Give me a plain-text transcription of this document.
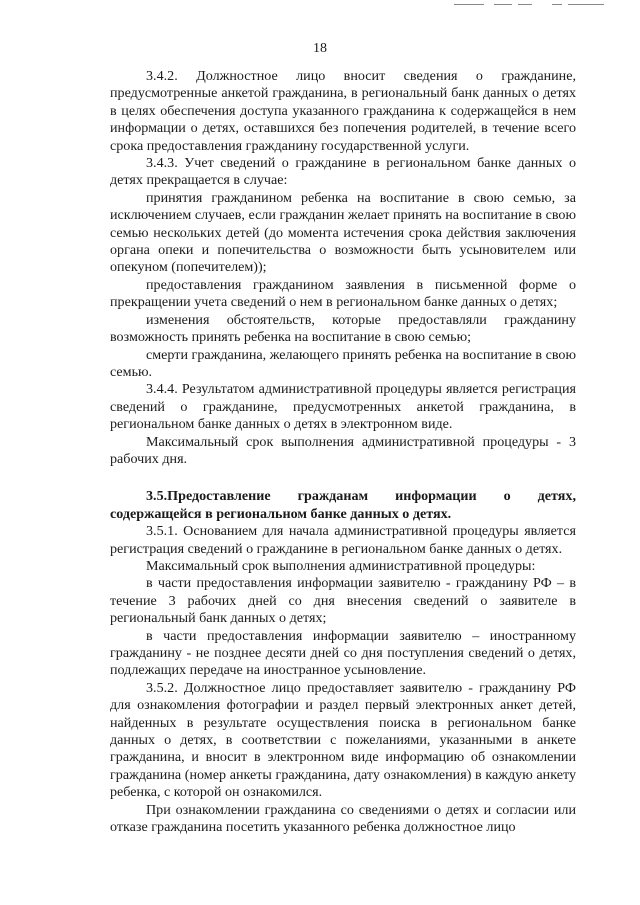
18

3.4.2. Должностное лицо вносит сведения о гражданине, предусмотренные анкетой гражданина, в региональный банк данных о детях в целях обеспечения доступа указанного гражданина к содержащейся в нем информации о детях, оставшихся без попечения родителей, в течение всего срока предоставления гражданину государственной услуги.

3.4.3. Учет сведений о гражданине в региональном банке данных о детях прекращается в случае:

принятия гражданином ребенка на воспитание в свою семью, за исключением случаев, если гражданин желает принять на воспитание в свою семью нескольких детей (до момента истечения срока действия заключения органа опеки и попечительства о возможности быть усыновителем или опекуном (попечителем));

предоставления гражданином заявления в письменной форме о прекращении учета сведений о нем в региональном банке данных о детях;

изменения обстоятельств, которые предоставляли гражданину возможность принять ребенка на воспитание в свою семью;

смерти гражданина, желающего принять ребенка на воспитание в свою семью.

3.4.4. Результатом административной процедуры является регистрация сведений о гражданине, предусмотренных анкетой гражданина, в региональном банке данных о детях в электронном виде.

Максимальный срок выполнения административной процедуры - 3 рабочих дня.

3.5.Предоставление гражданам информации о детях, содержащейся в региональном банке данных о детях.

3.5.1. Основанием для начала административной процедуры является регистрация сведений о гражданине в региональном банке данных о детях.

Максимальный срок выполнения административной процедуры:

в части предоставления информации заявителю - гражданину РФ – в течение 3 рабочих дней со дня внесения сведений о заявителе в региональный банк данных о детях;

в части предоставления информации заявителю – иностранному гражданину - не позднее десяти дней со дня поступления сведений о детях, подлежащих передаче на иностранное усыновление.

3.5.2. Должностное лицо предоставляет заявителю - гражданину РФ для ознакомления фотографии и раздел первый электронных анкет детей, найденных в результате осуществления поиска в региональном банке данных о детях, в соответствии с пожеланиями, указанными в анкете гражданина, и вносит в электронном виде информацию об ознакомлении гражданина (номер анкеты гражданина, дату ознакомления) в каждую анкету ребенка, с которой он ознакомился.

При ознакомлении гражданина со сведениями о детях и согласии или отказе гражданина посетить указанного ребенка должностное лицо
